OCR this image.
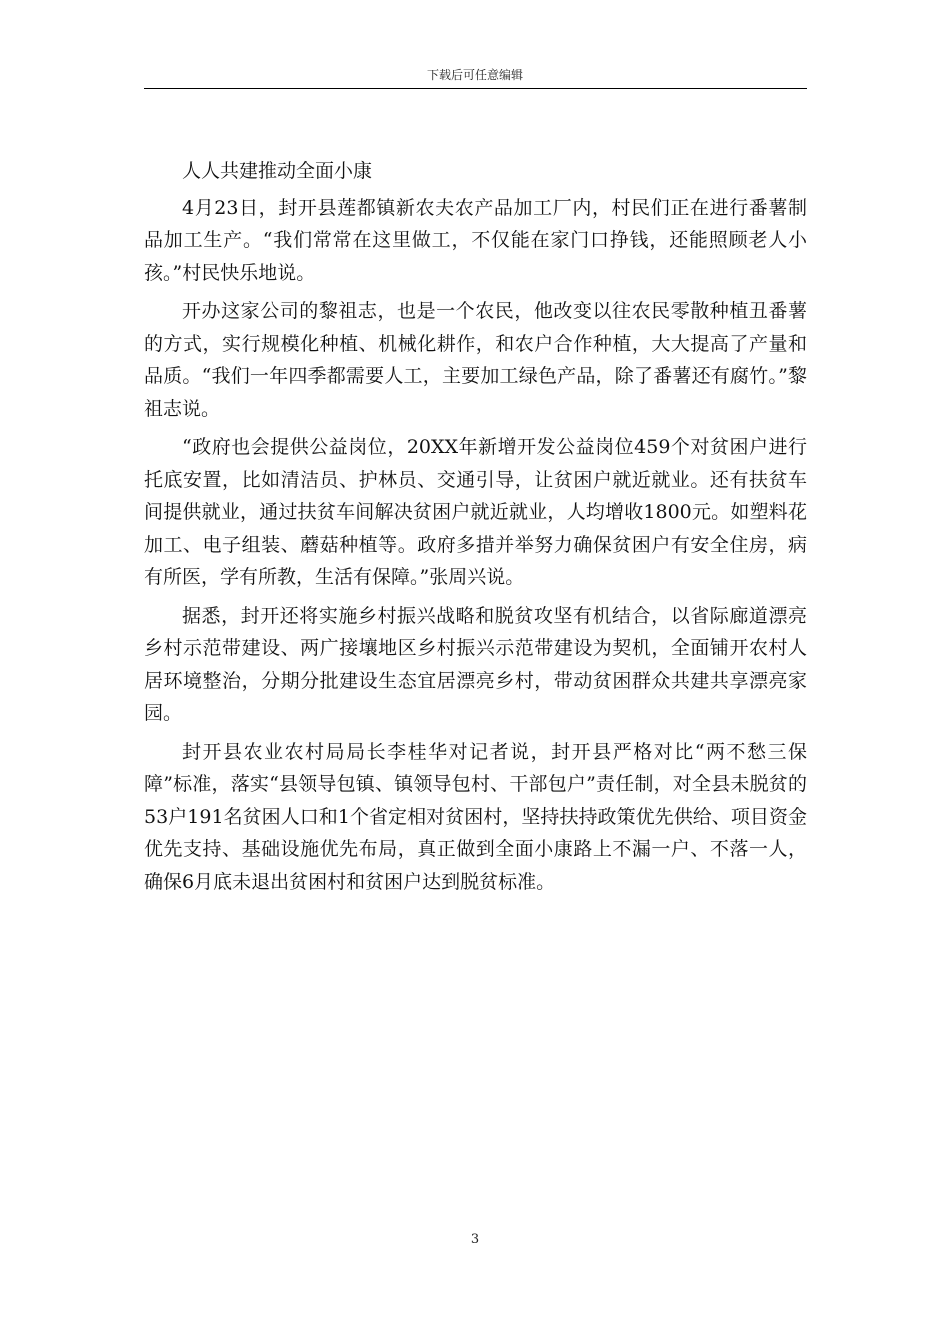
下载后可任意编辑

人人共建推动全面小康

4月23日，封开县莲都镇新农夫农产品加工厂内，村民们正在进行番薯制品加工生产。“我们常常在这里做工，不仅能在家门口挣钱，还能照顾老人小孩。”村民快乐地说。

开办这家公司的黎祖志，也是一个农民，他改变以往农民零散种植丑番薯的方式，实行规模化种植、机械化耕作，和农户合作种植，大大提高了产量和品质。“我们一年四季都需要人工，主要加工绿色产品，除了番薯还有腐竹。”黎祖志说。

“政府也会提供公益岗位，20XX年新增开发公益岗位459个对贫困户进行托底安置，比如清洁员、护林员、交通引导，让贫困户就近就业。还有扶贫车间提供就业，通过扶贫车间解决贫困户就近就业，人均增收1800元。如塑料花加工、电子组装、蘑菇种植等。政府多措并举努力确保贫困户有安全住房，病有所医，学有所教，生活有保障。”张周兴说。

据悉，封开还将实施乡村振兴战略和脱贫攻坚有机结合，以省际廊道漂亮乡村示范带建设、两广接壤地区乡村振兴示范带建设为契机，全面铺开农村人居环境整治，分期分批建设生态宜居漂亮乡村，带动贫困群众共建共享漂亮家园。

封开县农业农村局局长李桂华对记者说，封开县严格对比“两不愁三保障”标准，落实“县领导包镇、镇领导包村、干部包户”责任制，对全县未脱贫的53户191名贫困人口和1个省定相对贫困村，坚持扶持政策优先供给、项目资金优先支持、基础设施优先布局，真正做到全面小康路上不漏一户、不落一人，确保6月底未退出贫困村和贫困户达到脱贫标准。

3
